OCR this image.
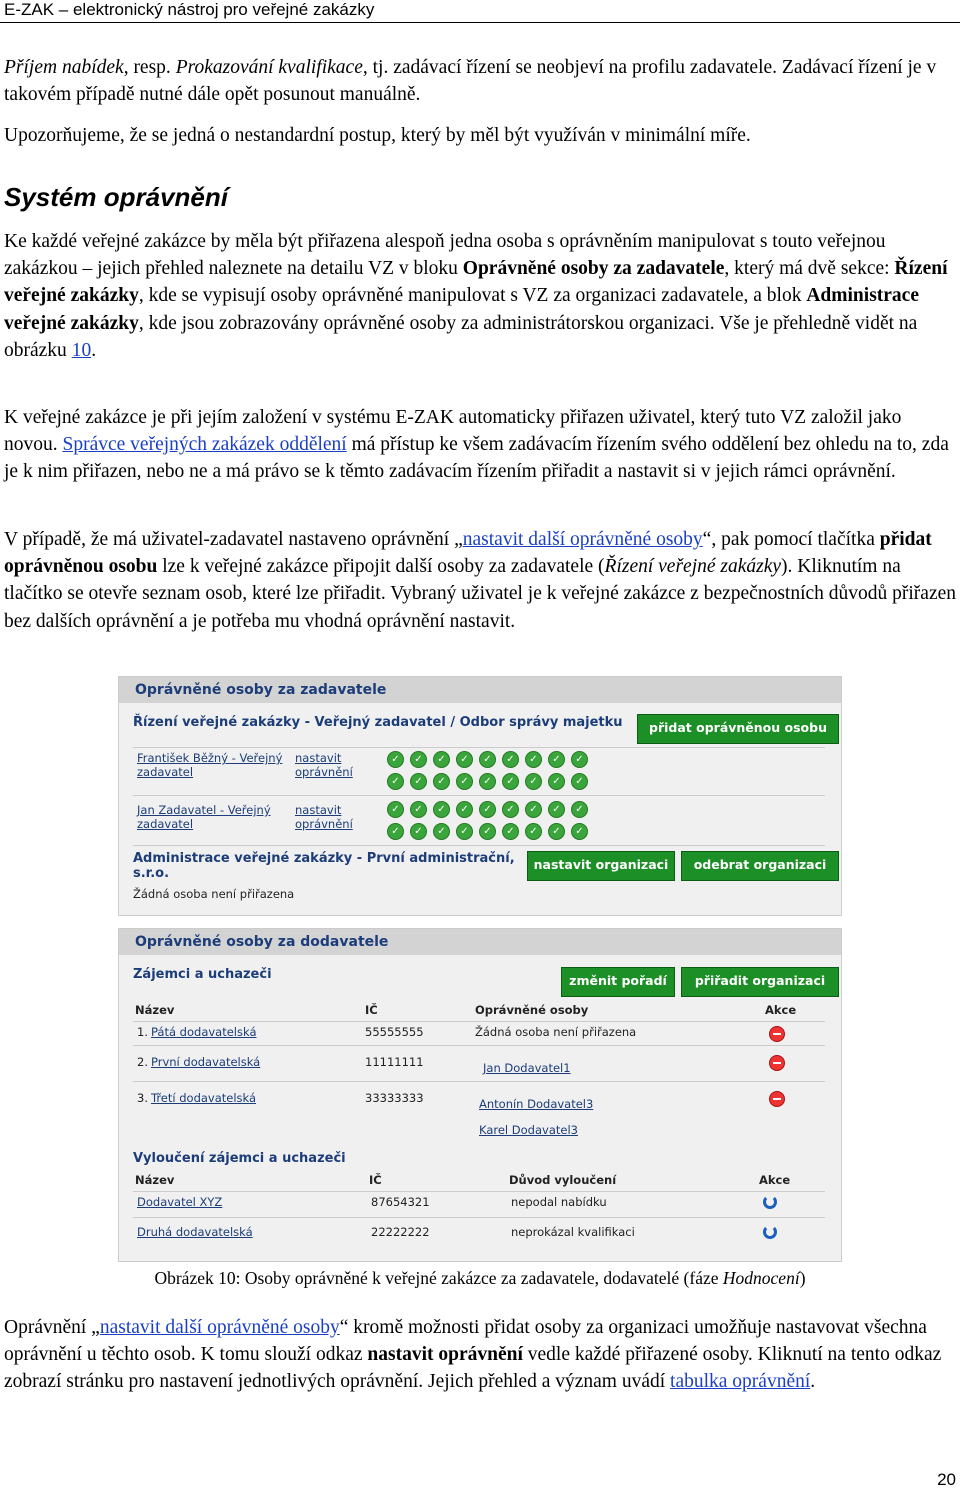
E-ZAK – elektronický nástroj pro veřejné zakázky

Příjem nabídek, resp. Prokazování kvalifikace, tj. zadávací řízení se neobjeví na profilu zadavatele. Zadávací řízení je v takovém případě nutné dále opět posunout manuálně.

Upozorňujeme, že se jedná o nestandardní postup, který by měl být využíván v minimální míře.

Systém oprávnění

Ke každé veřejné zakázce by měla být přiřazena alespoň jedna osoba s oprávněním manipulovat s touto veřejnou zakázkou – jejich přehled naleznete na detailu VZ v bloku Oprávněné osoby za zadavatele, který má dvě sekce: Řízení veřejné zakázky, kde se vypisují osoby oprávněné manipulovat s VZ za organizaci zadavatele, a blok Administrace veřejné zakázky, kde jsou zobrazovány oprávněné osoby za administrátorskou organizaci. Vše je přehledně vidět na obrázku 10.

K veřejné zakázce je při jejím založení v systému E-ZAK automaticky přiřazen uživatel, který tuto VZ založil jako novou. Správce veřejných zakázek oddělení má přístup ke všem zadávacím řízením svého oddělení bez ohledu na to, zda je k nim přiřazen, nebo ne a má právo se k těmto zadávacím řízením přiřadit a nastavit si v jejich rámci oprávnění.

V případě, že má uživatel-zadavatel nastaveno oprávnění „nastavit další oprávněné osoby“, pak pomocí tlačítka přidat oprávněnou osobu lze k veřejné zakázce připojit další osoby za zadavatele (Řízení veřejné zakázky). Kliknutím na tlačítko se otevře seznam osob, které lze přiřadit. Vybraný uživatel je k veřejné zakázce z bezpečnostních důvodů přiřazen bez dalších oprávnění a je potřeba mu vhodná oprávnění nastavit.

Oprávněné osoby za zadavatele
Řízení veřejné zakázky - Veřejný zadavatel / Odbor správy majetku	přidat oprávněnou osobu
František Běžný - Veřejný zadavatel
nastavit oprávnění
✓	✓	✓	✓	✓	✓	✓	✓	✓
✓	✓	✓	✓	✓	✓	✓	✓	✓
Jan Zadavatel - Veřejný zadavatel
nastavit oprávnění
✓	✓	✓	✓	✓	✓	✓	✓	✓
✓	✓	✓	✓	✓	✓	✓	✓	✓
Administrace veřejné zakázky - První administrační, s.r.o.
Žádná osoba není přiřazena
nastavit organizaci	odebrat organizaci
Oprávněné osoby za dodavatele
Zájemci a uchazeči	změnit pořadí	přiřadit organizaci
Název	IČ	Oprávněné osoby	Akce
1. Pátá dodavatelská	55555555	Žádná osoba není přiřazena
2. První dodavatelská	11111111	Jan Dodavatel1
3. Třetí dodavatelská	33333333	Antonín Dodavatel3
Karel Dodavatel3
Vyloučení zájemci a uchazeči
Název	IČ	Důvod vyloučení	Akce
Dodavatel XYZ	87654321	nepodal nabídku
Druhá dodavatelská	22222222	neprokázal kvalifikaci
Obrázek 10: Osoby oprávněné k veřejné zakázce za zadavatele, dodavatelé (fáze Hodnocení)

Oprávnění „nastavit další oprávněné osoby“ kromě možnosti přidat osoby za organizaci umožňuje nastavovat všechna oprávnění u těchto osob. K tomu slouží odkaz nastavit oprávnění vedle každé přiřazené osoby. Kliknutí na tento odkaz zobrazí stránku pro nastavení jednotlivých oprávnění. Jejich přehled a význam uvádí tabulka oprávnění.

20
